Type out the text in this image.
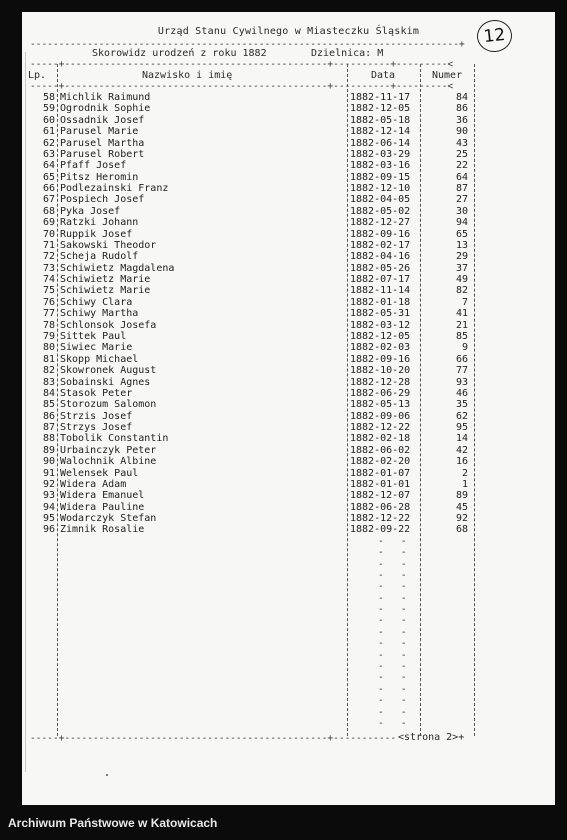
Urząd Stanu Cywilnego w Miasteczku Śląskim
---------------------------------------------------------------------------+
Skorowidz urodzeń z roku 1882	Dzielnica: M
-----+----------------------------------------------+----------+---------<
Lp.	Nazwisko i imię	Data	Numer
-----+----------------------------------------------+----------+---------<
58 Michlik Raimund	1882-11-17	84
59 Ogrodnik Sophie	1882-12-05	86
60 Ossadnik Josef	1882-05-18	36
61 Parusel Marie	1882-12-14	90
62 Parusel Martha	1882-06-14	43
63 Parusel Robert	1882-03-29	25
64 Pfaff Josef	1882-03-16	22
65 Pitsz Heromin	1882-09-15	64
66 Podlezainski Franz	1882-12-10	87
67 Pospiech Josef	1882-04-05	27
68 Pyka Josef	1882-05-02	30
69 Ratzki Johann	1882-12-27	94
70 Ruppik Josef	1882-09-16	65
71 Sakowski Theodor	1882-02-17	13
72 Scheja Rudolf	1882-04-16	29
73 Schiwietz Magdalena	1882-05-26	37
74 Schiwietz Marie	1882-07-17	49
75 Schiwietz Marie	1882-11-14	82
76 Schiwy Clara	1882-01-18	7
77 Schiwy Martha	1882-05-31	41
78 Schlonsok Josefa	1882-03-12	21
79 Sittek Paul	1882-12-05	85
80 Siwiec Marie	1882-02-03	9
81 Skopp Michael	1882-09-16	66
82 Skowronek August	1882-10-20	77
83 Sobainski Agnes	1882-12-28	93
84 Stasok Peter	1882-06-29	46
85 Storozum Salomon	1882-05-13	35
86 Strzis Josef	1882-09-06	62
87 Strzys Josef	1882-12-22	95
88 Tobolik Constantin	1882-02-18	14
89 Urbainczyk Peter	1882-06-02	42
90 Walochnik Albine	1882-02-20	16
91 Welensek Paul	1882-01-07	2
92 Widera Adam	1882-01-01	1
93 Widera Emanuel	1882-12-07	89
94 Widera Pauline	1882-06-28	45
95 Wodarczyk Stefan	1882-12-22	92
96 Zimnik Rosalie	1882-09-22	68
-   -
-   -
-   -
-   -
-   -
-   -
-   -
-   -
-   -
-   -
-   -
-   -
-   -
-   -
-   -
-   -
-   -
-----+----------------------------------------------+----------- <strona 2>+
12
Archiwum Państwowe w Katowicach
